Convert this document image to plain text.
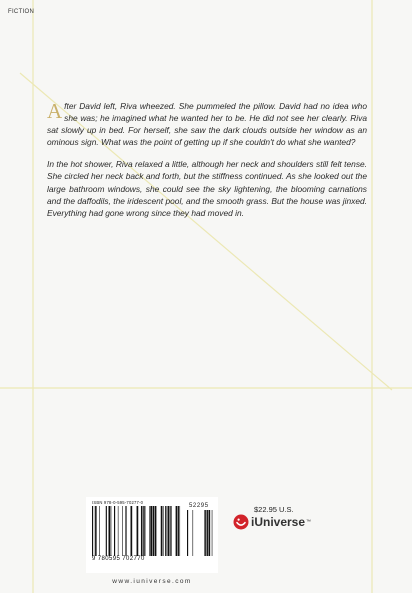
FICTION

After David left, Riva wheezed. She pummeled the pillow. David had no idea who she was; he imagined what he wanted her to be. He did not see her clearly. Riva sat slowly up in bed. For herself, she saw the dark clouds outside her window as an ominous sign. What was the point of getting up if she couldn't do what she wanted?

In the hot shower, Riva relaxed a little, although her neck and shoulders still felt tense. She circled her neck back and forth, but the stiffness continued. As she looked out the large bathroom windows, she could see the sky lightening, the blooming carnations and the daffodils, the iridescent pool, and the smooth grass. But the house was jinxed. Everything had gone wrong since they had moved in.

ISBN 978-0-595-70277-0
52295
9 780595 702770
www.iuniverse.com
$22.95 U.S.
iUniverse ™
